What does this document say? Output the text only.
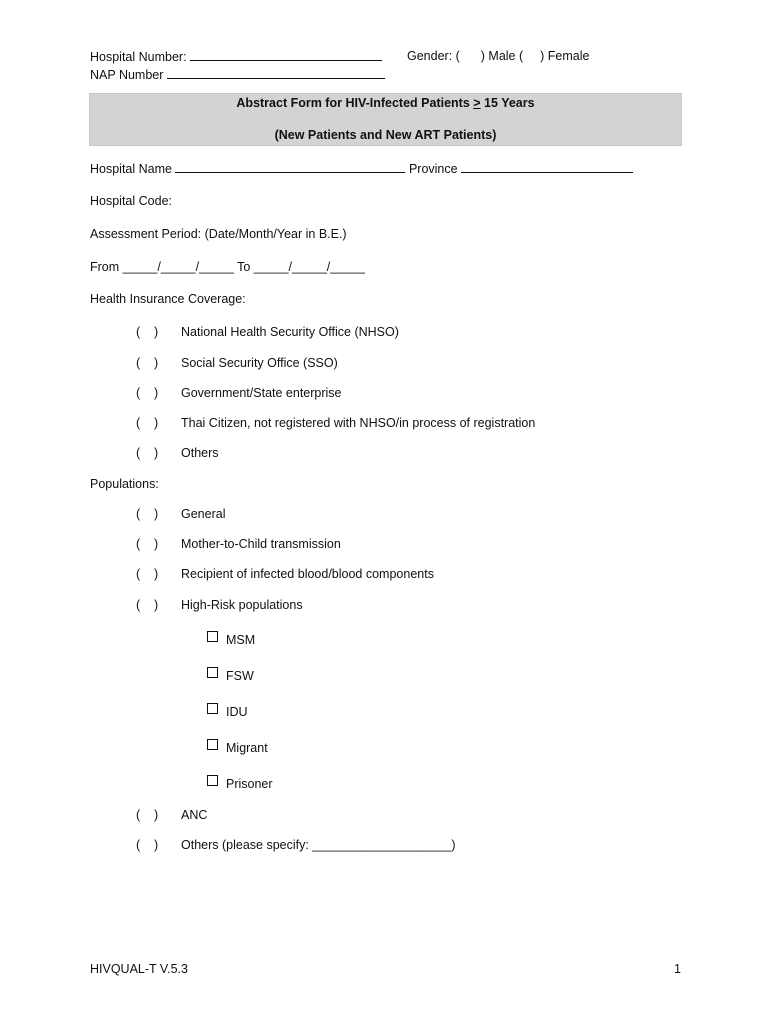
Hospital Number:	Gender: ( ) Male ( ) Female
NAP Number
Abstract Form for HIV-Infected Patients ≥ 15 Years
(New Patients and New ART Patients)
Hospital Name	Province
Hospital Code:
Assessment Period: (Date/Month/Year in B.E.)
From _____/_____/_____ To _____/_____/_____
Health Insurance Coverage:
(    ) National Health Security Office (NHSO)
(    ) Social Security Office (SSO)
(    ) Government/State enterprise
(    ) Thai Citizen, not registered with NHSO/in process of registration
(    ) Others
Populations:
(    ) General
(    ) Mother-to-Child transmission
(    ) Recipient of infected blood/blood components
(    ) High-Risk populations
MSM
FSW
IDU
Migrant
Prisoner
(    ) ANC
(    ) Others (please specify: ____________________)
HIVQUAL-T V.5.3	1
